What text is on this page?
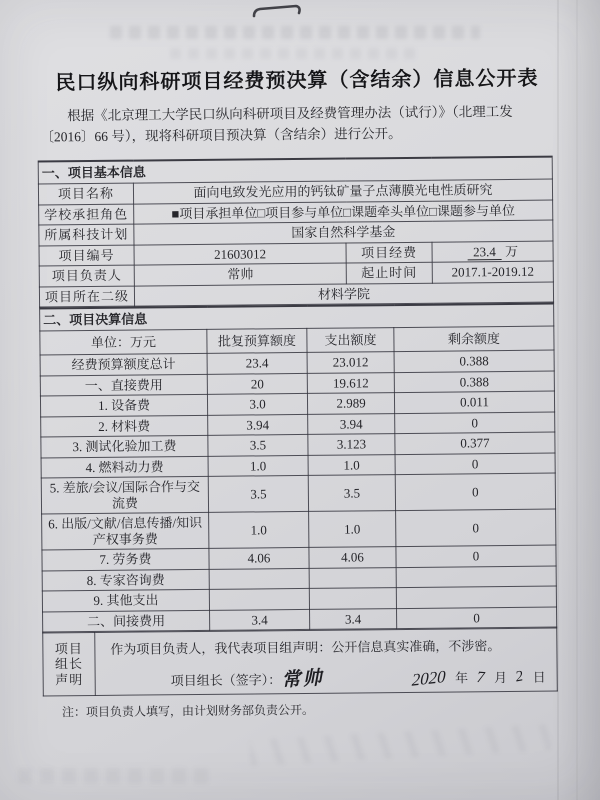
民口纵向科研项目经费预决算（含结余）信息公开表
根据《北京理工大学民口纵向科研项目及经费管理办法（试行）》（北理工发
〔2016〕66 号），现将科研项目预决算（含结余）进行公开。
一、项目基本信息			
项目名称	面向电致发光应用的钙钛矿量子点薄膜光电性质研究		
学校承担角色	■项目承担单位□项目参与单位□课题牵头单位□课题参与单位		
所属科技计划	国家自然科学基金		
项目编号	21603012	项目经费	23.4 万
项目负责人	常帅	起止时间	2017.1-2019.12
项目所在二级	材料学院		
二、项目决算信息			
单位：万元	批复预算额度	支出额度	剩余额度
经费预算额度总计	23.4	23.012	0.388
一、直接费用	20	19.612	0.388
1. 设备费	3.0	2.989	0.011
2. 材料费	3.94	3.94	0
3. 测试化验加工费	3.5	3.123	0.377
4. 燃料动力费	1.0	1.0	0
5. 差旅/会议/国际合作与交流费	3.5	3.5	0
6. 出版/文献/信息传播/知识产权事务费	1.0	1.0	0
7. 劳务费	4.06	4.06	0
8. 专家咨询费			
9. 其他支出			
二、间接费用	3.4	3.4	0
项目
组长
声明

作为项目负责人，我代表项目组声明：公开信息真实准确，不涉密。
项目组长（签字）： 常帅	2020 年 7 月 2 日
注：项目负责人填写，由计划财务部负责公开。
